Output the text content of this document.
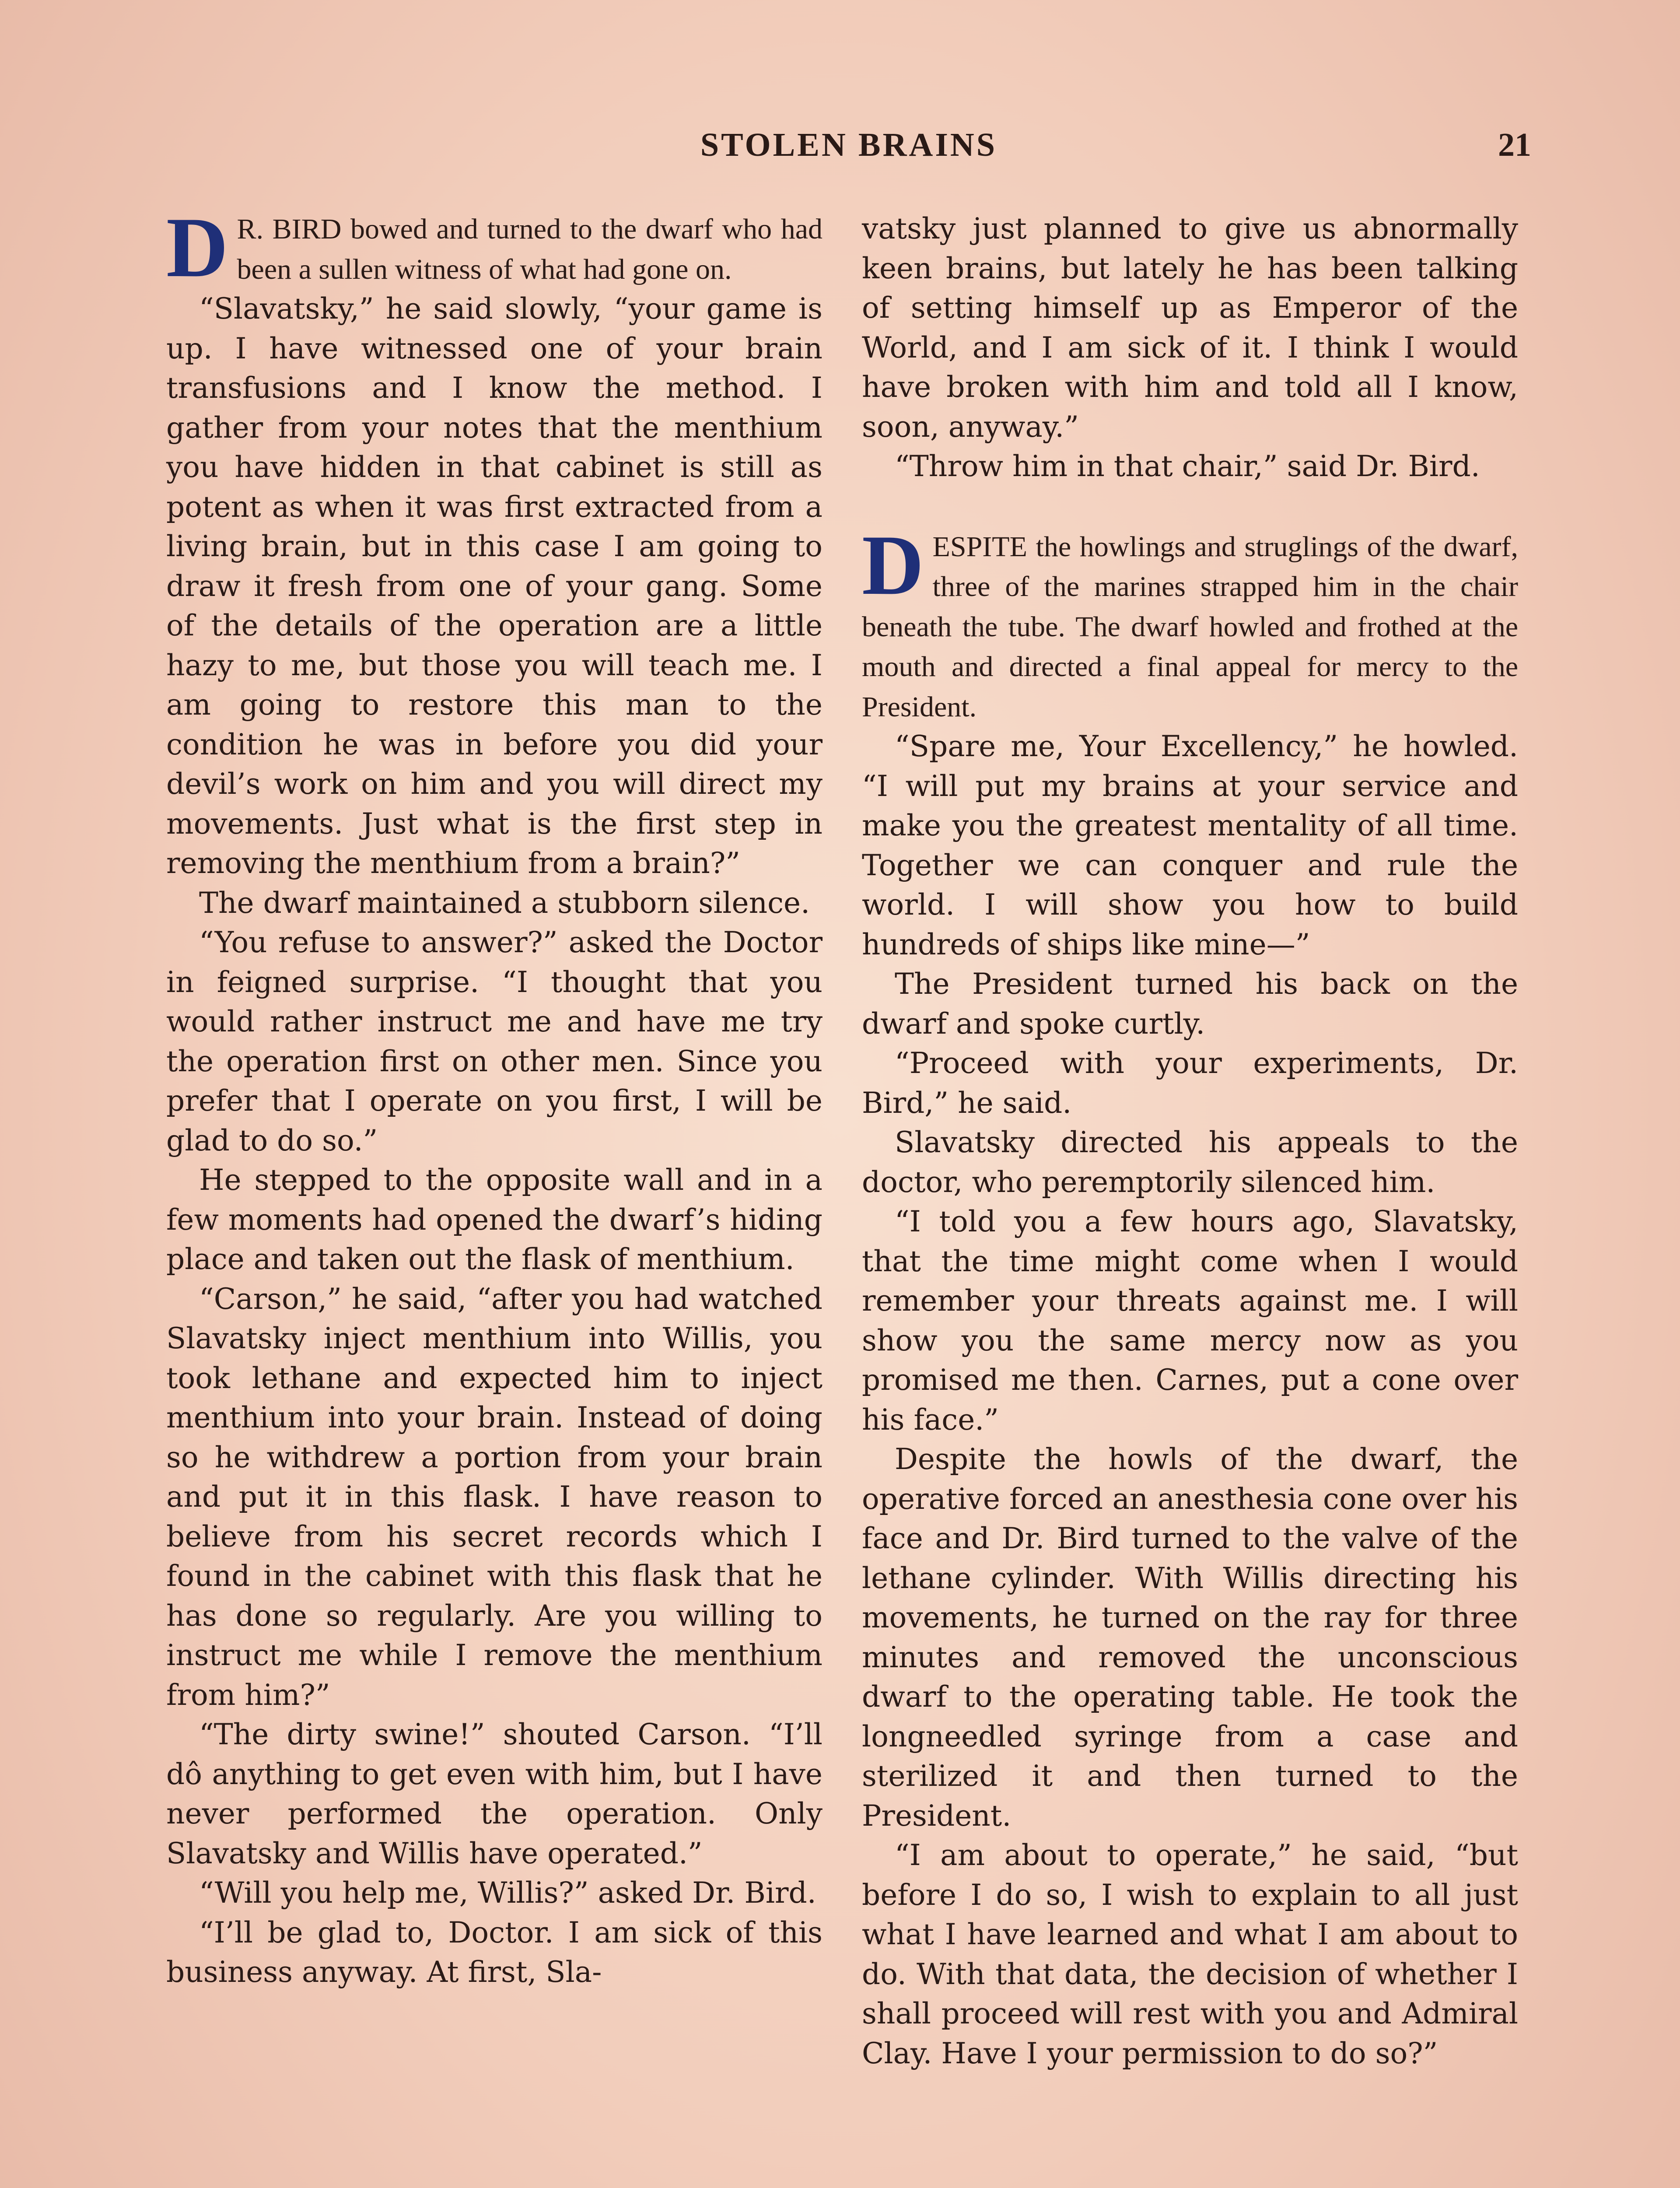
STOLEN BRAINS	21

D R. BIRD bowed and turned to the dwarf who had been a sullen witness of what had gone on.

“Slavatsky,” he said slowly, “your game is up. I have witnessed one of your brain transfusions and I know the method. I gather from your notes that the menthium you have hidden in that cabinet is still as potent as when it was first extracted from a living brain, but in this case I am going to draw it fresh from one of your gang. Some of the details of the operation are a little hazy to me, but those you will teach me. I am going to restore this man to the condition he was in before you did your devil’s work on him and you will direct my movements. Just what is the first step in removing the menthium from a brain?”

The dwarf maintained a stubborn silence.

“You refuse to answer?” asked the Doctor in feigned surprise. “I thought that you would rather instruct me and have me try the operation first on other men. Since you prefer that I operate on you first, I will be glad to do so.”

He stepped to the opposite wall and in a few moments had opened the dwarf’s hiding place and taken out the flask of menthium.

“Carson,” he said, “after you had watched Slavatsky inject menthium into Willis, you took lethane and expected him to inject menthium into your brain. Instead of doing so he withdrew a portion from your brain and put it in this flask. I have reason to believe from his secret records which I found in the cabinet with this flask that he has done so regularly. Are you willing to instruct me while I remove the menthium from him?”

“The dirty swine!” shouted Carson. “I’ll dô anything to get even with him, but I have never performed the operation. Only Slavatsky and Willis have operated.”

“Will you help me, Willis?” asked Dr. Bird.

“I’ll be glad to, Doctor. I am sick of this business anyway. At first, Sla-

vatsky just planned to give us abnormally keen brains, but lately he has been talking of setting himself up as Emperor of the World, and I am sick of it. I think I would have broken with him and told all I know, soon, anyway.”

“Throw him in that chair,” said Dr. Bird.

DESPITE the howlings and struglings of the dwarf, three of the marines strapped him in the chair beneath the tube. The dwarf howled and frothed at the mouth and directed a final appeal for mercy to the President.

“Spare me, Your Excellency,” he howled. “I will put my brains at your service and make you the greatest mentality of all time. Together we can conquer and rule the world. I will show you how to build hundreds of ships like mine—”

The President turned his back on the dwarf and spoke curtly.

“Proceed with your experiments, Dr. Bird,” he said.

Slavatsky directed his appeals to the doctor, who peremptorily silenced him.

“I told you a few hours ago, Slavatsky, that the time might come when I would remember your threats against me. I will show you the same mercy now as you promised me then. Carnes, put a cone over his face.”

Despite the howls of the dwarf, the operative forced an anesthesia cone over his face and Dr. Bird turned to the valve of the lethane cylinder. With Willis directing his movements, he turned on the ray for three minutes and removed the unconscious dwarf to the operating table. He took the longneedled syringe from a case and sterilized it and then turned to the President.

“I am about to operate,” he said, “but before I do so, I wish to explain to all just what I have learned and what I am about to do. With that data, the decision of whether I shall proceed will rest with you and Admiral Clay. Have I your permission to do so?”
